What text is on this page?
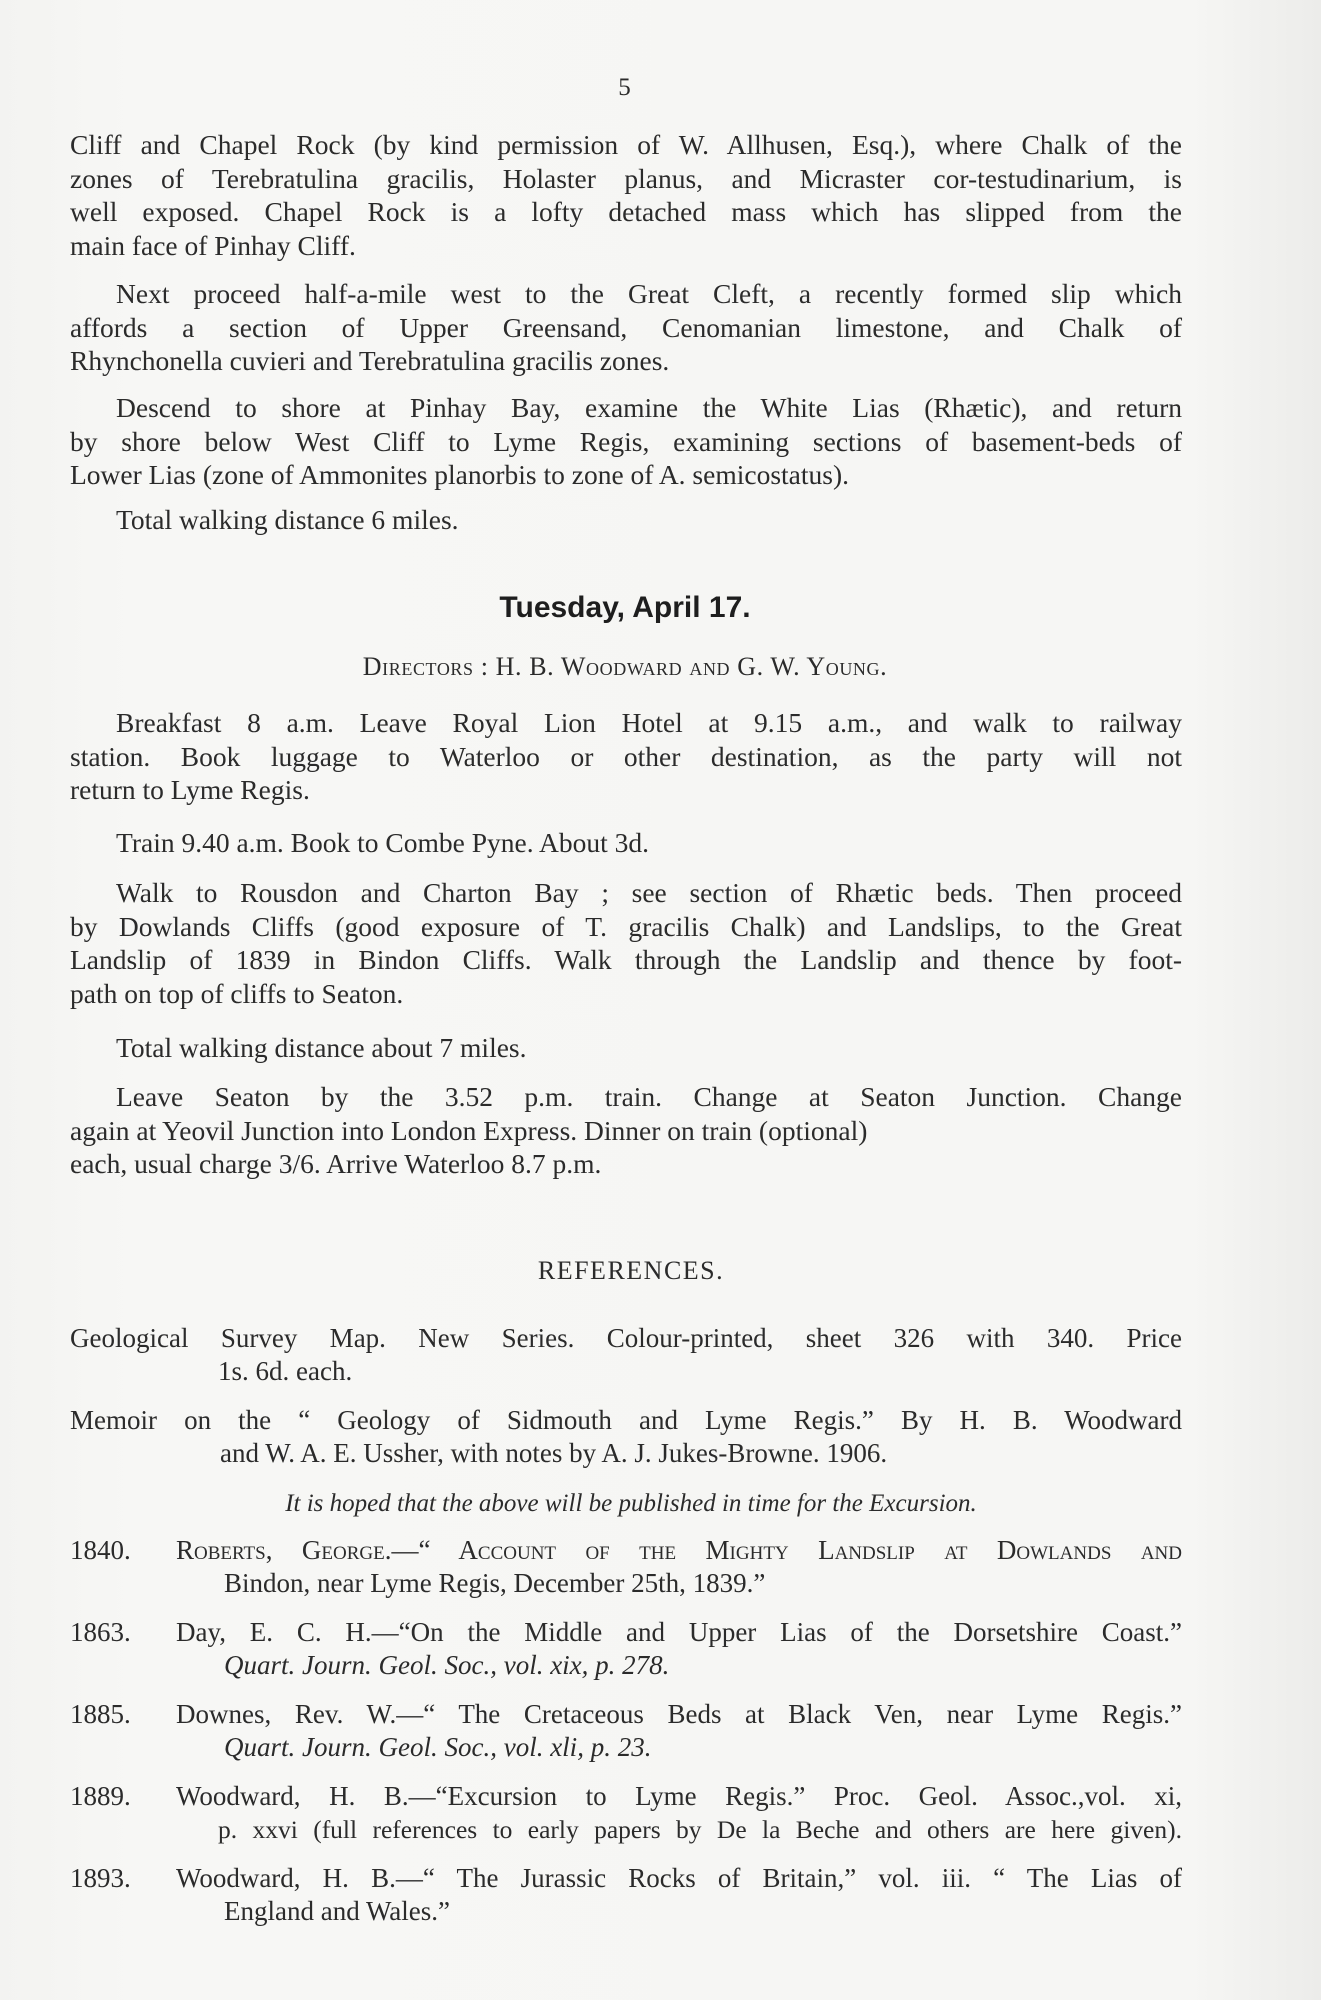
5
Cliff and Chapel Rock (by kind permission of W. Allhusen, Esq.), where Chalk of the
zones of Terebratulina gracilis, Holaster planus, and Micraster cor-testudinarium, is
well exposed. Chapel Rock is a lofty detached mass which has slipped from the
main face of Pinhay Cliff.
Next proceed half-a-mile west to the Great Cleft, a recently formed slip which
affords a section of Upper Greensand, Cenomanian limestone, and Chalk of
Rhynchonella cuvieri and Terebratulina gracilis zones.
Descend to shore at Pinhay Bay, examine the White Lias (Rhætic), and return
by shore below West Cliff to Lyme Regis, examining sections of basement-beds of
Lower Lias (zone of Ammonites planorbis to zone of A. semicostatus).
Total walking distance 6 miles.
Tuesday, April 17.
Directors : H. B. Woodward and G. W. Young.
Breakfast 8 a.m. Leave Royal Lion Hotel at 9.15 a.m., and walk to railway
station. Book luggage to Waterloo or other destination, as the party will not
return to Lyme Regis.
Train 9.40 a.m. Book to Combe Pyne. About 3d.
Walk to Rousdon and Charton Bay ; see section of Rhætic beds. Then proceed
by Dowlands Cliffs (good exposure of T. gracilis Chalk) and Landslips, to the Great
Landslip of 1839 in Bindon Cliffs. Walk through the Landslip and thence by foot-
path on top of cliffs to Seaton.
Total walking distance about 7 miles.
Leave Seaton by the 3.52 p.m. train. Change at Seaton Junction. Change
again at Yeovil Junction into London Express. Dinner on train (optional)
each, usual charge 3/6. Arrive Waterloo 8.7 p.m.
REFERENCES.
Geological Survey Map. New Series. Colour-printed, sheet 326 with 340. Price
1s. 6d. each.
Memoir on the “ Geology of Sidmouth and Lyme Regis.” By H. B. Woodward
and W. A. E. Ussher, with notes by A. J. Jukes-Browne. 1906.
It is hoped that the above will be published in time for the Excursion.
1840. Roberts, George.—“ Account of the Mighty Landslip at Dowlands and
Bindon, near Lyme Regis, December 25th, 1839.”
1863. Day, E. C. H.—“On the Middle and Upper Lias of the Dorsetshire Coast.”
Quart. Journ. Geol. Soc., vol. xix, p. 278.
1885. Downes, Rev. W.—“ The Cretaceous Beds at Black Ven, near Lyme Regis.”
Quart. Journ. Geol. Soc., vol. xli, p. 23.
1889. Woodward, H. B.—“Excursion to Lyme Regis.” Proc. Geol. Assoc.,vol. xi,
p. xxvi (full references to early papers by De la Beche and others are here given).
1893. Woodward, H. B.—“ The Jurassic Rocks of Britain,” vol. iii. “ The Lias of
England and Wales.”
